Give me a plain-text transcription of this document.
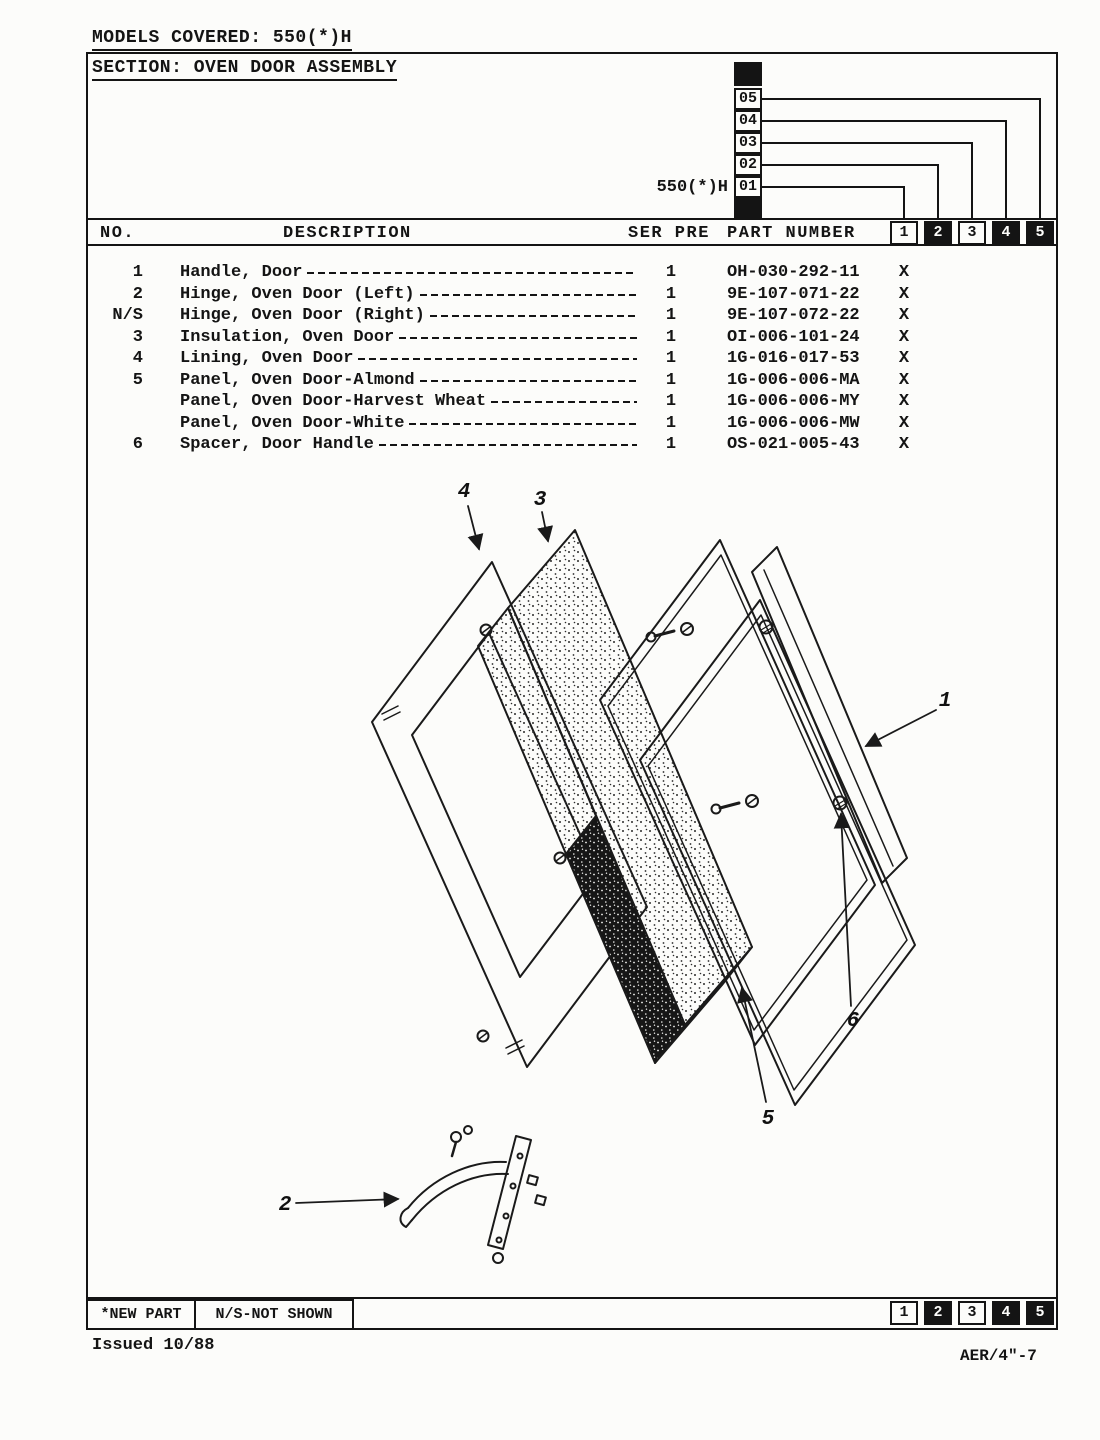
MODELS COVERED: 550(*)H
SECTION: OVEN DOOR ASSEMBLY
05
04
03
02
01
550(*)H
NO.	DESCRIPTION	SER PRE PART NUMBER	1	2	3	4	5
1 Handle, Door	1	OH-030-292-11	X
2 Hinge, Oven Door (Left)	1	9E-107-071-22	X
N/S Hinge, Oven Door (Right)	1	9E-107-072-22	X
3 Insulation, Oven Door	1	OI-006-101-24	X
4 Lining, Oven Door	1	1G-016-017-53	X
5 Panel, Oven Door-Almond	1	1G-006-006-MA	X
Panel, Oven Door-Harvest Wheat	1	1G-006-006-MY	X
Panel, Oven Door-White	1	1G-006-006-MW	X
6 Spacer, Door Handle	1	OS-021-005-43	X
1
2
3
4
5
6
*NEW PART	N/S-NOT SHOWN	1	2	3	4	5
Issued 10/88
AER/4"-7
